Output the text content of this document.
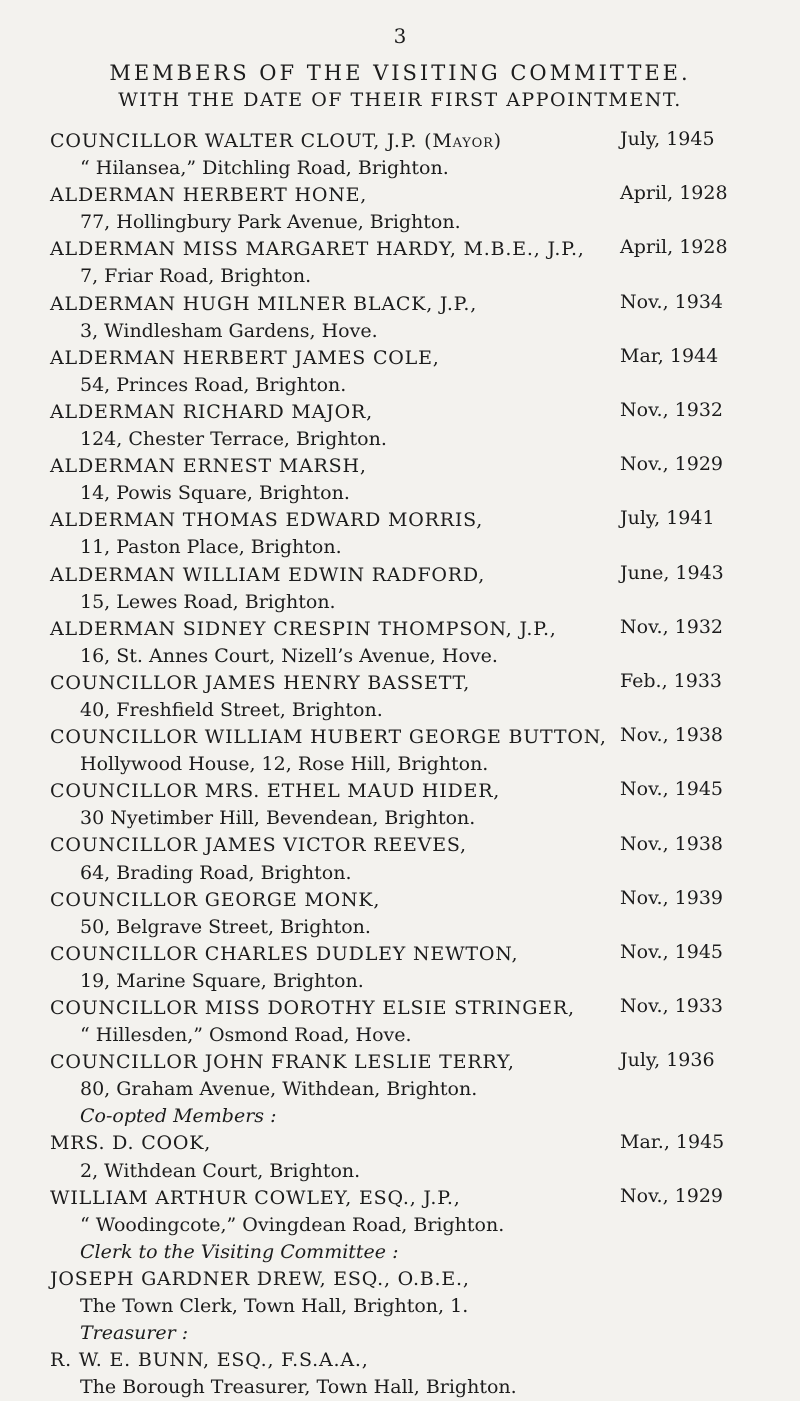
3
MEMBERS OF THE VISITING COMMITTEE.
WITH THE DATE OF THEIR FIRST APPOINTMENT.
COUNCILLOR WALTER CLOUT, J.P. (Mayor)
“ Hilansea,” Ditchling Road, Brighton.
ALDERMAN HERBERT HONE,
77, Hollingbury Park Avenue, Brighton.
ALDERMAN MISS MARGARET HARDY, M.B.E., J.P.,
7, Friar Road, Brighton.
ALDERMAN HUGH MILNER BLACK, J.P.,
3, Windlesham Gardens, Hove.
ALDERMAN HERBERT JAMES COLE,
54, Princes Road, Brighton.
ALDERMAN RICHARD MAJOR,
124, Chester Terrace, Brighton.
ALDERMAN ERNEST MARSH,
14, Powis Square, Brighton.
ALDERMAN THOMAS EDWARD MORRIS,
11, Paston Place, Brighton.
ALDERMAN WILLIAM EDWIN RADFORD,
15, Lewes Road, Brighton.
ALDERMAN SIDNEY CRESPIN THOMPSON, J.P.,
16, St. Annes Court, Nizell’s Avenue, Hove.
COUNCILLOR JAMES HENRY BASSETT,
40, Freshfield Street, Brighton.
COUNCILLOR WILLIAM HUBERT GEORGE BUTTON,
Hollywood House, 12, Rose Hill, Brighton.
COUNCILLOR MRS. ETHEL MAUD HIDER,
30 Nyetimber Hill, Bevendean, Brighton.
COUNCILLOR JAMES VICTOR REEVES,
64, Brading Road, Brighton.
COUNCILLOR GEORGE MONK,
50, Belgrave Street, Brighton.
COUNCILLOR CHARLES DUDLEY NEWTON,
19, Marine Square, Brighton.
COUNCILLOR MISS DOROTHY ELSIE STRINGER,
“ Hillesden,” Osmond Road, Hove.
COUNCILLOR JOHN FRANK LESLIE TERRY,
80, Graham Avenue, Withdean, Brighton.
Co-opted Members :
MRS. D. COOK,
2, Withdean Court, Brighton.
WILLIAM ARTHUR COWLEY, ESQ., J.P.,
“ Woodingcote,” Ovingdean Road, Brighton.
Clerk to the Visiting Committee :
JOSEPH GARDNER DREW, ESQ., O.B.E.,
The Town Clerk, Town Hall, Brighton, 1.
Treasurer :
R. W. E. BUNN, ESQ., F.S.A.A.,
The Borough Treasurer, Town Hall, Brighton.
July, 1945
April, 1928
April, 1928
Nov., 1934
Mar, 1944
Nov., 1932
Nov., 1929
July, 1941
June, 1943
Nov., 1932
Feb., 1933
Nov., 1938
Nov., 1945
Nov., 1938
Nov., 1939
Nov., 1945
Nov., 1933
July, 1936
Mar., 1945
Nov., 1929
